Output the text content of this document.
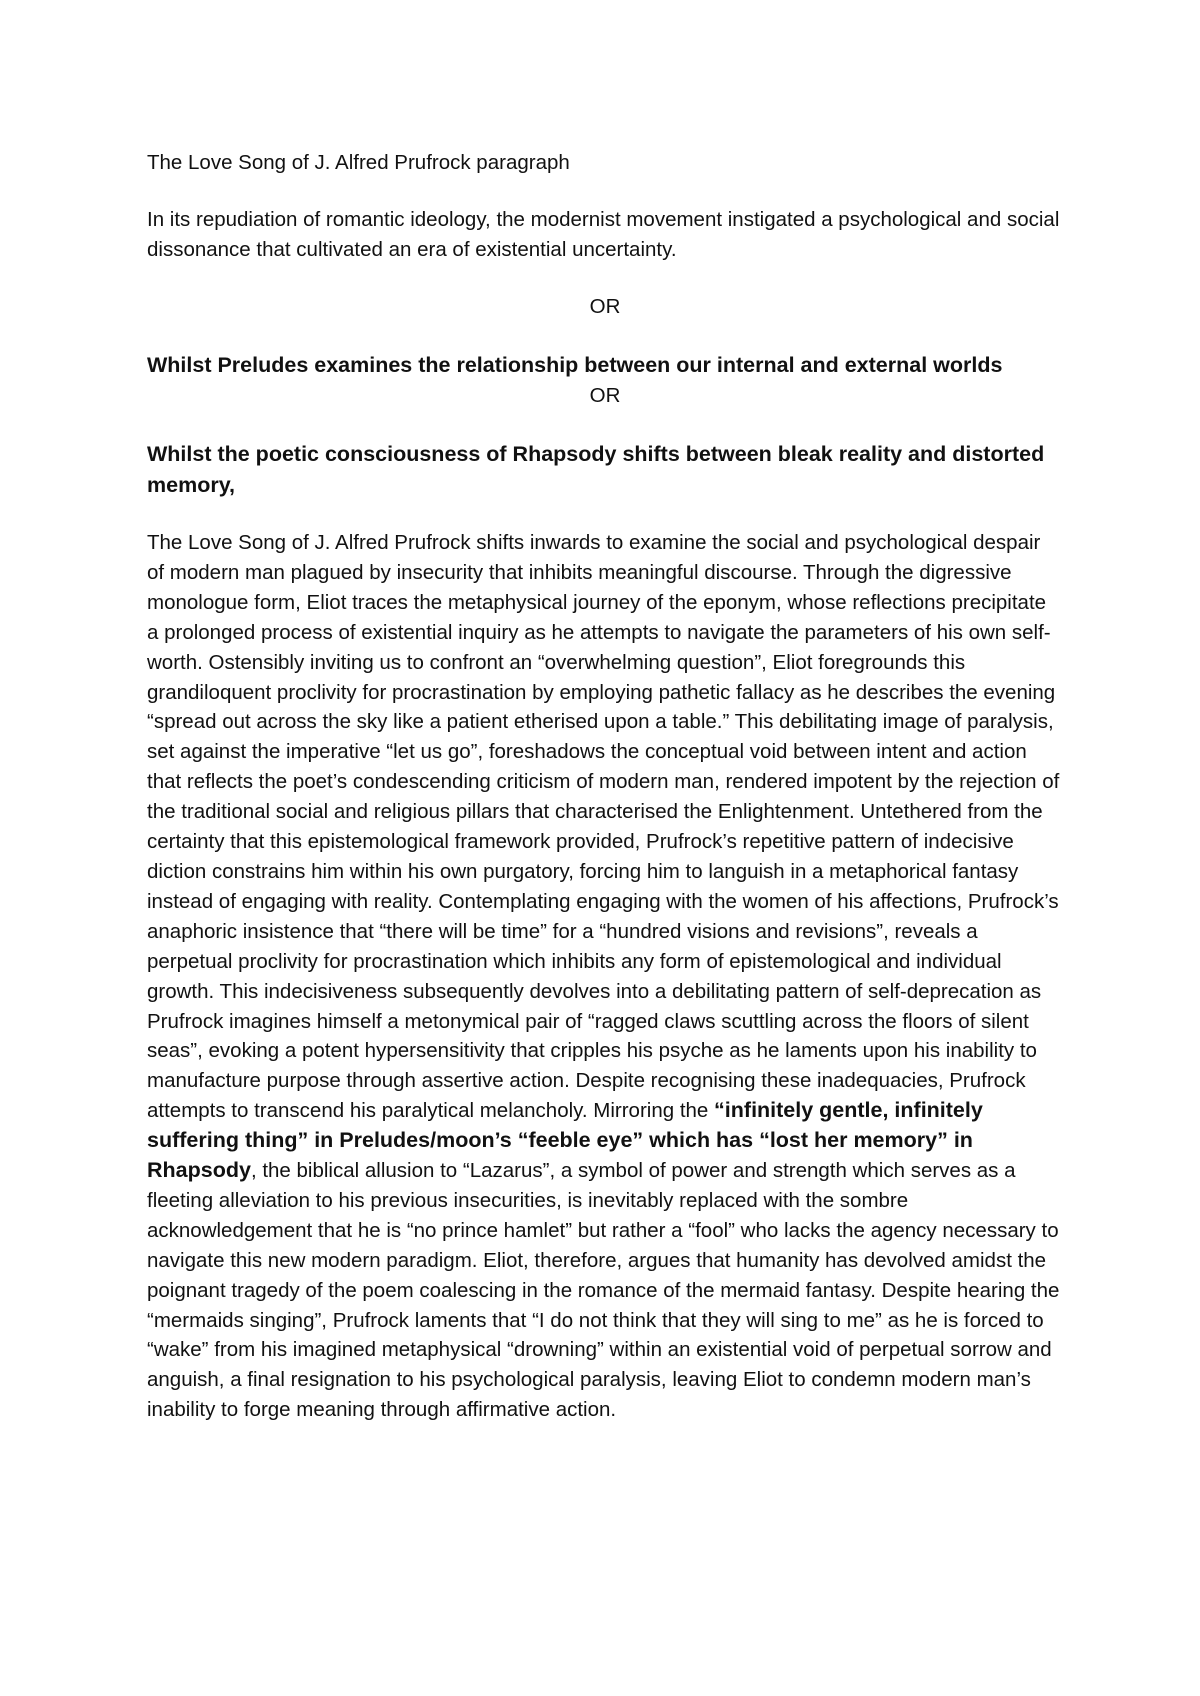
The Love Song of J. Alfred Prufrock paragraph

In its repudiation of romantic ideology, the modernist movement instigated a psychological and social dissonance that cultivated an era of existential uncertainty.

OR

Whilst Preludes examines the relationship between our internal and external worlds

OR

Whilst the poetic consciousness of Rhapsody shifts between bleak reality and distorted memory,

The Love Song of J. Alfred Prufrock shifts inwards to examine the social and psychological despair of modern man plagued by insecurity that inhibits meaningful discourse. Through the digressive monologue form, Eliot traces the metaphysical journey of the eponym, whose reflections precipitate a prolonged process of existential inquiry as he attempts to navigate the parameters of his own self-worth. Ostensibly inviting us to confront an “overwhelming question”, Eliot foregrounds this grandiloquent proclivity for procrastination by employing pathetic fallacy as he describes the evening “spread out across the sky like a patient etherised upon a table.” This debilitating image of paralysis, set against the imperative “let us go”, foreshadows the conceptual void between intent and action that reflects the poet’s condescending criticism of modern man, rendered impotent by the rejection of the traditional social and religious pillars that characterised the Enlightenment. Untethered from the certainty that this epistemological framework provided, Prufrock’s repetitive pattern of indecisive diction constrains him within his own purgatory, forcing him to languish in a metaphorical fantasy instead of engaging with reality. Contemplating engaging with the women of his affections, Prufrock’s anaphoric insistence that “there will be time” for a “hundred visions and revisions”, reveals a perpetual proclivity for procrastination which inhibits any form of epistemological and individual growth. This indecisiveness subsequently devolves into a debilitating pattern of self-deprecation as Prufrock imagines himself a metonymical pair of “ragged claws scuttling across the floors of silent seas”, evoking a potent hypersensitivity that cripples his psyche as he laments upon his inability to manufacture purpose through assertive action. Despite recognising these inadequacies, Prufrock attempts to transcend his paralytical melancholy. Mirroring the “infinitely gentle, infinitely suffering thing” in Preludes/moon’s “feeble eye” which has “lost her memory” in Rhapsody, the biblical allusion to “Lazarus”, a symbol of power and strength which serves as a fleeting alleviation to his previous insecurities, is inevitably replaced with the sombre acknowledgement that he is “no prince hamlet” but rather a “fool” who lacks the agency necessary to navigate this new modern paradigm. Eliot, therefore, argues that humanity has devolved amidst the poignant tragedy of the poem coalescing in the romance of the mermaid fantasy. Despite hearing the “mermaids singing”, Prufrock laments that “I do not think that they will sing to me” as he is forced to “wake” from his imagined metaphysical “drowning” within an existential void of perpetual sorrow and anguish, a final resignation to his psychological paralysis, leaving Eliot to condemn modern man’s inability to forge meaning through affirmative action.
